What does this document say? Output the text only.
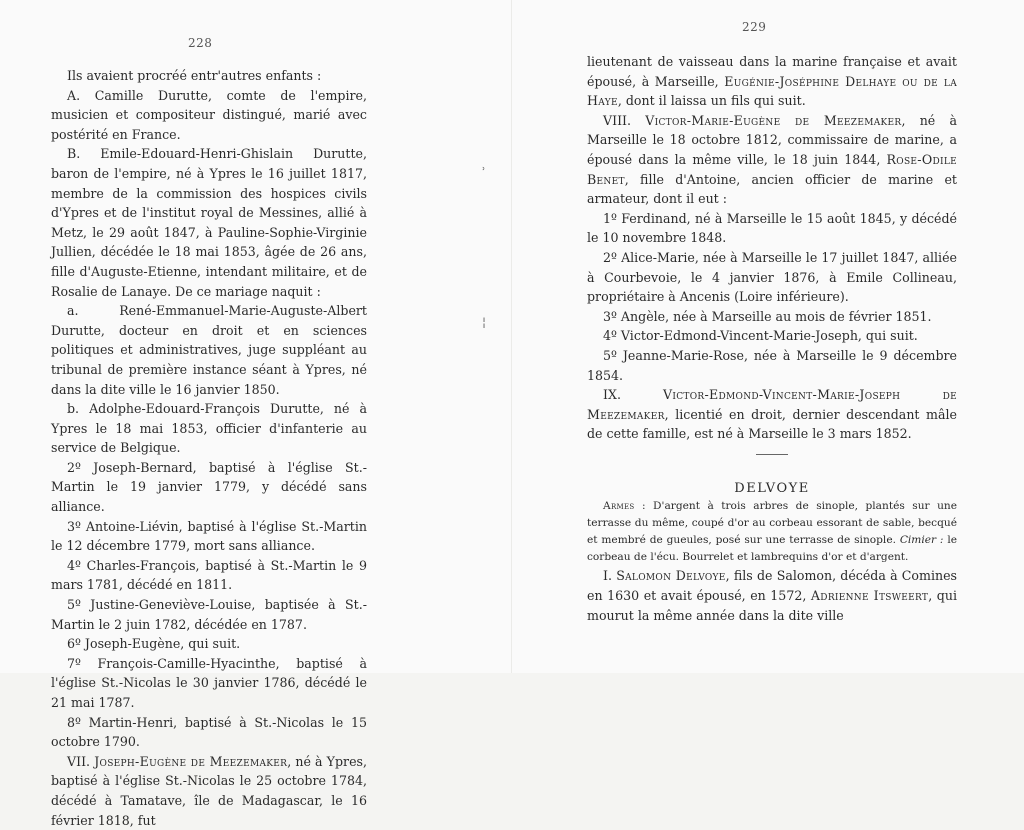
228

Ils avaient procréé entr'autres enfants :

A. Camille Durutte, comte de l'empire, musicien et compositeur distingué, marié avec postérité en France.

B. Emile-Edouard-Henri-Ghislain Durutte, baron de l'empire, né à Ypres le 16 juillet 1817, membre de la commission des hospices civils d'Ypres et de l'institut royal de Messines, allié à Metz, le 29 août 1847, à Pauline-Sophie-Virginie Jullien, décédée le 18 mai 1853, âgée de 26 ans, fille d'Auguste-Etienne, intendant militaire, et de Rosalie de Lanaye. De ce mariage naquit :

a. René-Emmanuel-Marie-Auguste-Albert Durutte, docteur en droit et en sciences politiques et administratives, juge suppléant au tribunal de première instance séant à Ypres, né dans la dite ville le 16 janvier 1850.

b. Adolphe-Edouard-François Durutte, né à Ypres le 18 mai 1853, officier d'infanterie au service de Belgique.

2º Joseph-Bernard, baptisé à l'église St.-Martin le 19 janvier 1779, y décédé sans alliance.

3º Antoine-Liévin, baptisé à l'église St.-Martin le 12 décembre 1779, mort sans alliance.

4º Charles-François, baptisé à St.-Martin le 9 mars 1781, décédé en 1811.

5º Justine-Geneviève-Louise, baptisée à St.-Martin le 2 juin 1782, décédée en 1787.

6º Joseph-Eugène, qui suit.

7º François-Camille-Hyacinthe, baptisé à l'église St.-Nicolas le 30 janvier 1786, décédé le 21 mai 1787.

8º Martin-Henri, baptisé à St.-Nicolas le 15 octobre 1790.

VII. Joseph-Eugène de Meezemaker, né à Ypres, baptisé à l'église St.-Nicolas le 25 octobre 1784, décédé à Tamatave, île de Madagascar, le 16 février 1818, fut

229
ʾ
¦

lieutenant de vaisseau dans la marine française et avait épousé, à Marseille, Eugénie-Joséphine Delhaye ou de la Haye, dont il laissa un fils qui suit.

VIII. Victor-Marie-Eugène de Meezemaker, né à Marseille le 18 octobre 1812, commissaire de marine, a épousé dans la même ville, le 18 juin 1844, Rose-Odile Benet, fille d'Antoine, ancien officier de marine et armateur, dont il eut :

1º Ferdinand, né à Marseille le 15 août 1845, y décédé le 10 novembre 1848.

2º Alice-Marie, née à Marseille le 17 juillet 1847, alliée à Courbevoie, le 4 janvier 1876, à Emile Collineau, propriétaire à Ancenis (Loire inférieure).

3º Angèle, née à Marseille au mois de février 1851.

4º Victor-Edmond-Vincent-Marie-Joseph, qui suit.

5º Jeanne-Marie-Rose, née à Marseille le 9 décembre 1854.

IX.	Victor-Edmond-Vincent-Marie-Joseph de Meezemaker, licentié en droit, dernier descendant mâle de cette famille, est né à Marseille le 3 mars 1852.

DELVOYE

Armes : D'argent à trois arbres de sinople, plantés sur une terrasse du même, coupé d'or au corbeau essorant de sable, becqué et membré de gueules, posé sur une terrasse de sinople. Cimier : le corbeau de l'écu. Bourrelet et lambrequins d'or et d'argent.

I. Salomon Delvoye, fils de Salomon, décéda à Comines en 1630 et avait épousé, en 1572, Adrienne Itsweert, qui mourut la même année dans la dite ville
